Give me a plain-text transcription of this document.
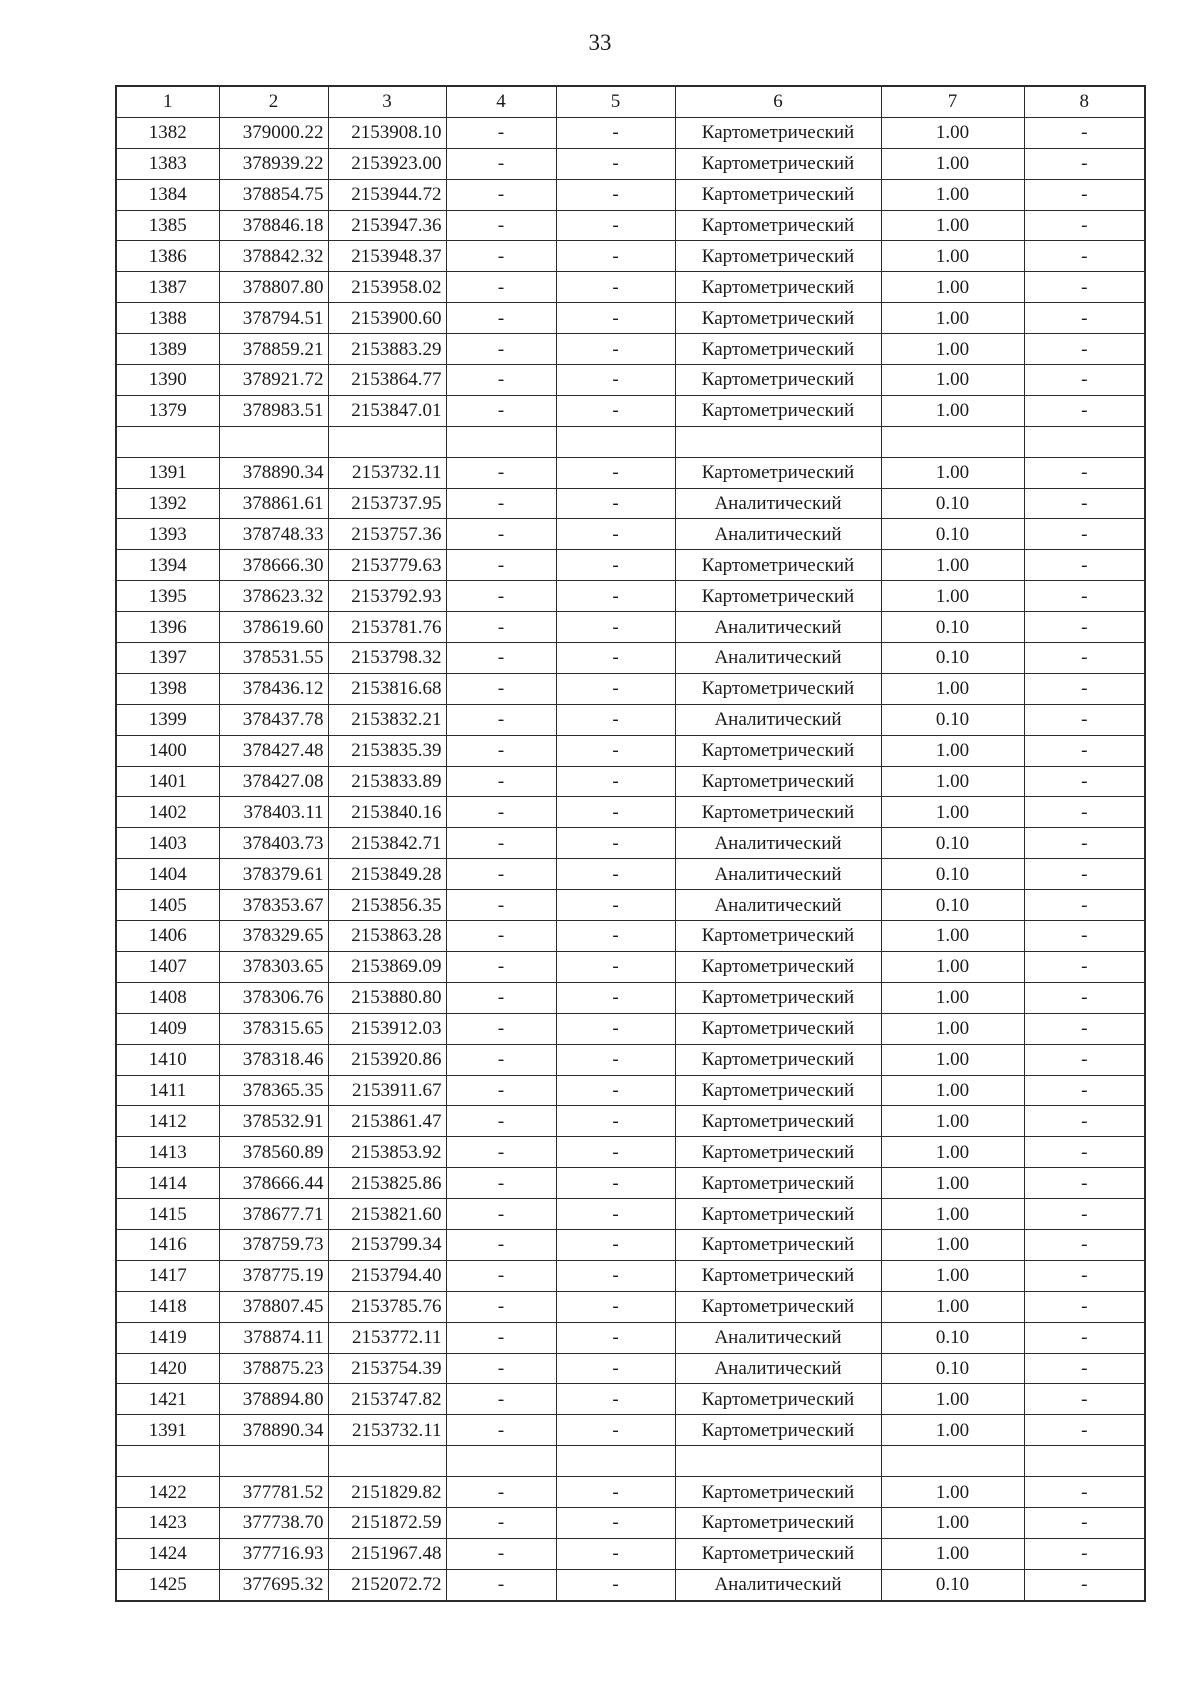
33
1	2	3	4	5	6	7	8
1382	379000.22	2153908.10	-	-	Картометрический	1.00	-
1383	378939.22	2153923.00	-	-	Картометрический	1.00	-
1384	378854.75	2153944.72	-	-	Картометрический	1.00	-
1385	378846.18	2153947.36	-	-	Картометрический	1.00	-
1386	378842.32	2153948.37	-	-	Картометрический	1.00	-
1387	378807.80	2153958.02	-	-	Картометрический	1.00	-
1388	378794.51	2153900.60	-	-	Картометрический	1.00	-
1389	378859.21	2153883.29	-	-	Картометрический	1.00	-
1390	378921.72	2153864.77	-	-	Картометрический	1.00	-
1379	378983.51	2153847.01	-	-	Картометрический	1.00	-

1391	378890.34	2153732.11	-	-	Картометрический	1.00	-
1392	378861.61	2153737.95	-	-	Аналитический	0.10	-
1393	378748.33	2153757.36	-	-	Аналитический	0.10	-
1394	378666.30	2153779.63	-	-	Картометрический	1.00	-
1395	378623.32	2153792.93	-	-	Картометрический	1.00	-
1396	378619.60	2153781.76	-	-	Аналитический	0.10	-
1397	378531.55	2153798.32	-	-	Аналитический	0.10	-
1398	378436.12	2153816.68	-	-	Картометрический	1.00	-
1399	378437.78	2153832.21	-	-	Аналитический	0.10	-
1400	378427.48	2153835.39	-	-	Картометрический	1.00	-
1401	378427.08	2153833.89	-	-	Картометрический	1.00	-
1402	378403.11	2153840.16	-	-	Картометрический	1.00	-
1403	378403.73	2153842.71	-	-	Аналитический	0.10	-
1404	378379.61	2153849.28	-	-	Аналитический	0.10	-
1405	378353.67	2153856.35	-	-	Аналитический	0.10	-
1406	378329.65	2153863.28	-	-	Картометрический	1.00	-
1407	378303.65	2153869.09	-	-	Картометрический	1.00	-
1408	378306.76	2153880.80	-	-	Картометрический	1.00	-
1409	378315.65	2153912.03	-	-	Картометрический	1.00	-
1410	378318.46	2153920.86	-	-	Картометрический	1.00	-
1411	378365.35	2153911.67	-	-	Картометрический	1.00	-
1412	378532.91	2153861.47	-	-	Картометрический	1.00	-
1413	378560.89	2153853.92	-	-	Картометрический	1.00	-
1414	378666.44	2153825.86	-	-	Картометрический	1.00	-
1415	378677.71	2153821.60	-	-	Картометрический	1.00	-
1416	378759.73	2153799.34	-	-	Картометрический	1.00	-
1417	378775.19	2153794.40	-	-	Картометрический	1.00	-
1418	378807.45	2153785.76	-	-	Картометрический	1.00	-
1419	378874.11	2153772.11	-	-	Аналитический	0.10	-
1420	378875.23	2153754.39	-	-	Аналитический	0.10	-
1421	378894.80	2153747.82	-	-	Картометрический	1.00	-
1391	378890.34	2153732.11	-	-	Картометрический	1.00	-

1422	377781.52	2151829.82	-	-	Картометрический	1.00	-
1423	377738.70	2151872.59	-	-	Картометрический	1.00	-
1424	377716.93	2151967.48	-	-	Картометрический	1.00	-
1425	377695.32	2152072.72	-	-	Аналитический	0.10	-
